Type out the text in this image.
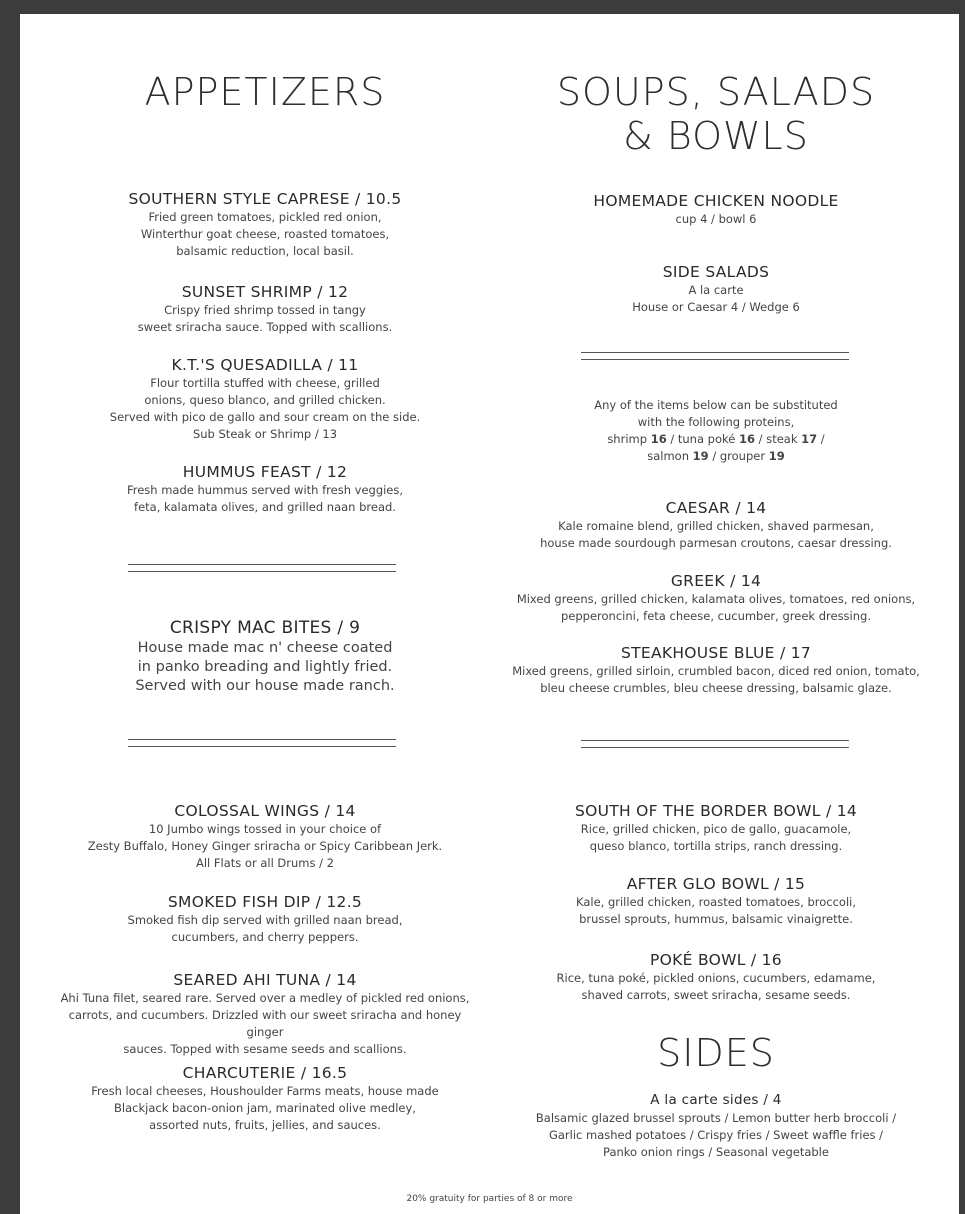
APPETIZERS
SOUTHERN STYLE CAPRESE / 10.5
Fried green tomatoes, pickled red onion,
Winterthur goat cheese, roasted tomatoes,
balsamic reduction, local basil.
SUNSET SHRIMP / 12
Crispy fried shrimp tossed in tangy
sweet sriracha sauce. Topped with scallions.
K.T.'S QUESADILLA / 11
Flour tortilla stuffed with cheese, grilled
onions, queso blanco, and grilled chicken.
Served with pico de gallo and sour cream on the side.
Sub Steak or Shrimp / 13
HUMMUS FEAST / 12
Fresh made hummus served with fresh veggies,
feta, kalamata olives, and grilled naan bread.
CRISPY MAC BITES / 9
House made mac n' cheese coated
in panko breading and lightly fried.
Served with our house made ranch.
COLOSSAL WINGS / 14
10 Jumbo wings tossed in your choice of
Zesty Buffalo, Honey Ginger sriracha or Spicy Caribbean Jerk.
All Flats or all Drums / 2
SMOKED FISH DIP / 12.5
Smoked fish dip served with grilled naan bread,
cucumbers, and cherry peppers.
SEARED AHI TUNA / 14
Ahi Tuna filet, seared rare. Served over a medley of pickled red onions,
carrots, and cucumbers. Drizzled with our sweet sriracha and honey ginger
sauces. Topped with sesame seeds and scallions.
CHARCUTERIE / 16.5
Fresh local cheeses, Houshoulder Farms meats, house made
Blackjack bacon-onion jam, marinated olive medley,
assorted nuts, fruits, jellies, and sauces.
SOUPS, SALADS
& BOWLS
HOMEMADE CHICKEN NOODLE
cup 4 / bowl 6
SIDE SALADS
A la carte
House or Caesar 4 / Wedge 6
Any of the items below can be substituted
with the following proteins,
shrimp 16 / tuna poké 16 / steak 17 /
salmon 19 / grouper 19
CAESAR / 14
Kale romaine blend, grilled chicken, shaved parmesan,
house made sourdough parmesan croutons, caesar dressing.
GREEK / 14
Mixed greens, grilled chicken, kalamata olives, tomatoes, red onions,
pepperoncini, feta cheese, cucumber, greek dressing.
STEAKHOUSE BLUE / 17
Mixed greens, grilled sirloin, crumbled bacon, diced red onion, tomato,
bleu cheese crumbles, bleu cheese dressing, balsamic glaze.
SOUTH OF THE BORDER BOWL / 14
Rice, grilled chicken, pico de gallo, guacamole,
queso blanco, tortilla strips, ranch dressing.
AFTER GLO BOWL / 15
Kale, grilled chicken, roasted tomatoes, broccoli,
brussel sprouts, hummus, balsamic vinaigrette.
POKÉ BOWL / 16
Rice, tuna poké, pickled onions, cucumbers, edamame,
shaved carrots, sweet sriracha, sesame seeds.
SIDES
A la carte sides / 4
Balsamic glazed brussel sprouts / Lemon butter herb broccoli /
Garlic mashed potatoes / Crispy fries / Sweet waffle fries /
Panko onion rings / Seasonal vegetable
20% gratuity for parties of 8 or more
